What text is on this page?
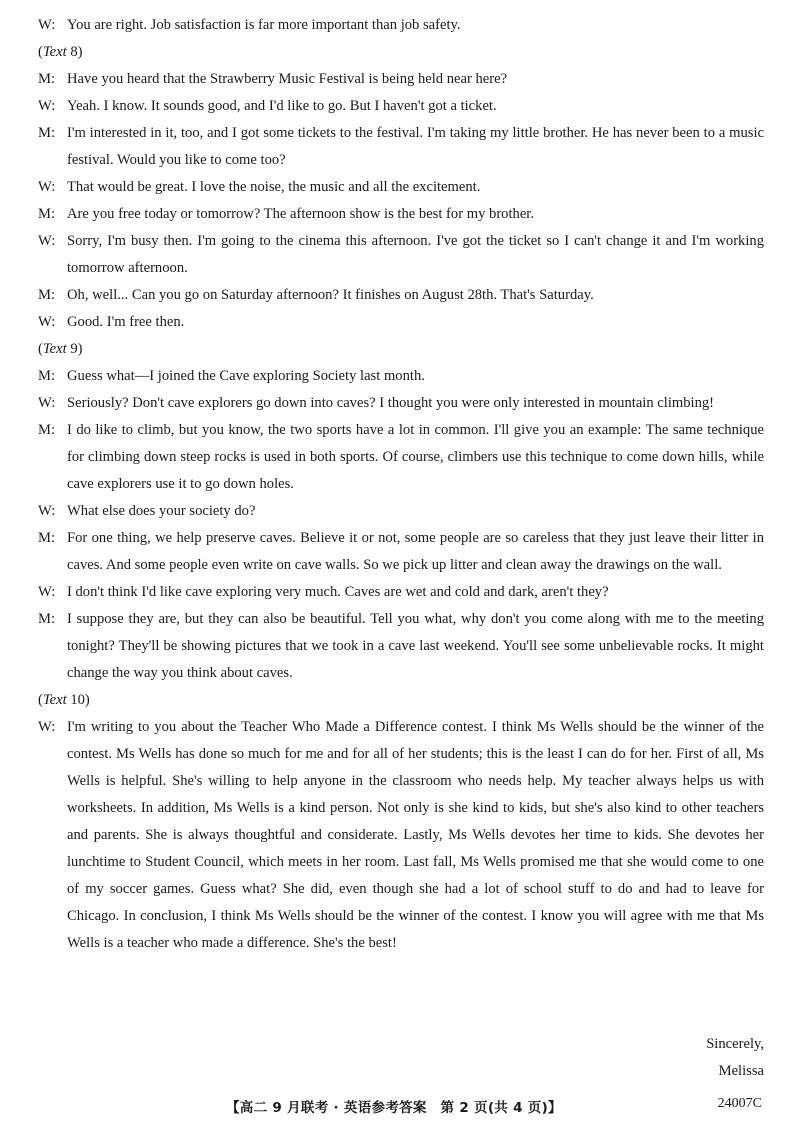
W: You are right. Job satisfaction is far more important than job safety.
(Text 8)
M: Have you heard that the Strawberry Music Festival is being held near here?
W: Yeah. I know. It sounds good, and I'd like to go. But I haven't got a ticket.
M: I'm interested in it, too, and I got some tickets to the festival. I'm taking my little brother. He has never been to a music festival. Would you like to come too?
W: That would be great. I love the noise, the music and all the excitement.
M: Are you free today or tomorrow? The afternoon show is the best for my brother.
W: Sorry, I'm busy then. I'm going to the cinema this afternoon. I've got the ticket so I can't change it and I'm working tomorrow afternoon.
M: Oh, well... Can you go on Saturday afternoon? It finishes on August 28th. That's Saturday.
W: Good. I'm free then.
(Text 9)
M: Guess what—I joined the Cave exploring Society last month.
W: Seriously? Don't cave explorers go down into caves? I thought you were only interested in mountain climbing!
M: I do like to climb, but you know, the two sports have a lot in common. I'll give you an example: The same technique for climbing down steep rocks is used in both sports. Of course, climbers use this technique to come down hills, while cave explorers use it to go down holes.
W: What else does your society do?
M: For one thing, we help preserve caves. Believe it or not, some people are so careless that they just leave their litter in caves. And some people even write on cave walls. So we pick up litter and clean away the drawings on the wall.
W: I don't think I'd like cave exploring very much. Caves are wet and cold and dark, aren't they?
M: I suppose they are, but they can also be beautiful. Tell you what, why don't you come along with me to the meeting tonight? They'll be showing pictures that we took in a cave last weekend. You'll see some unbelievable rocks. It might change the way you think about caves.
(Text 10)
W: I'm writing to you about the Teacher Who Made a Difference contest. I think Ms Wells should be the winner of the contest. Ms Wells has done so much for me and for all of her students; this is the least I can do for her. First of all, Ms Wells is helpful. She's willing to help anyone in the classroom who needs help. My teacher always helps us with worksheets. In addition, Ms Wells is a kind person. Not only is she kind to kids, but she's also kind to other teachers and parents. She is always thoughtful and considerate. Lastly, Ms Wells devotes her time to kids. She devotes her lunchtime to Student Council, which meets in her room. Last fall, Ms Wells promised me that she would come to one of my soccer games. Guess what? She did, even though she had a lot of school stuff to do and had to leave for Chicago. In conclusion, I think Ms Wells should be the winner of the contest. I know you will agree with me that Ms Wells is a teacher who made a difference. She's the best!
Sincerely,
Melissa
【高二 9 月联考 · 英语参考答案　第 2 页(共 4 页)】	24007C
